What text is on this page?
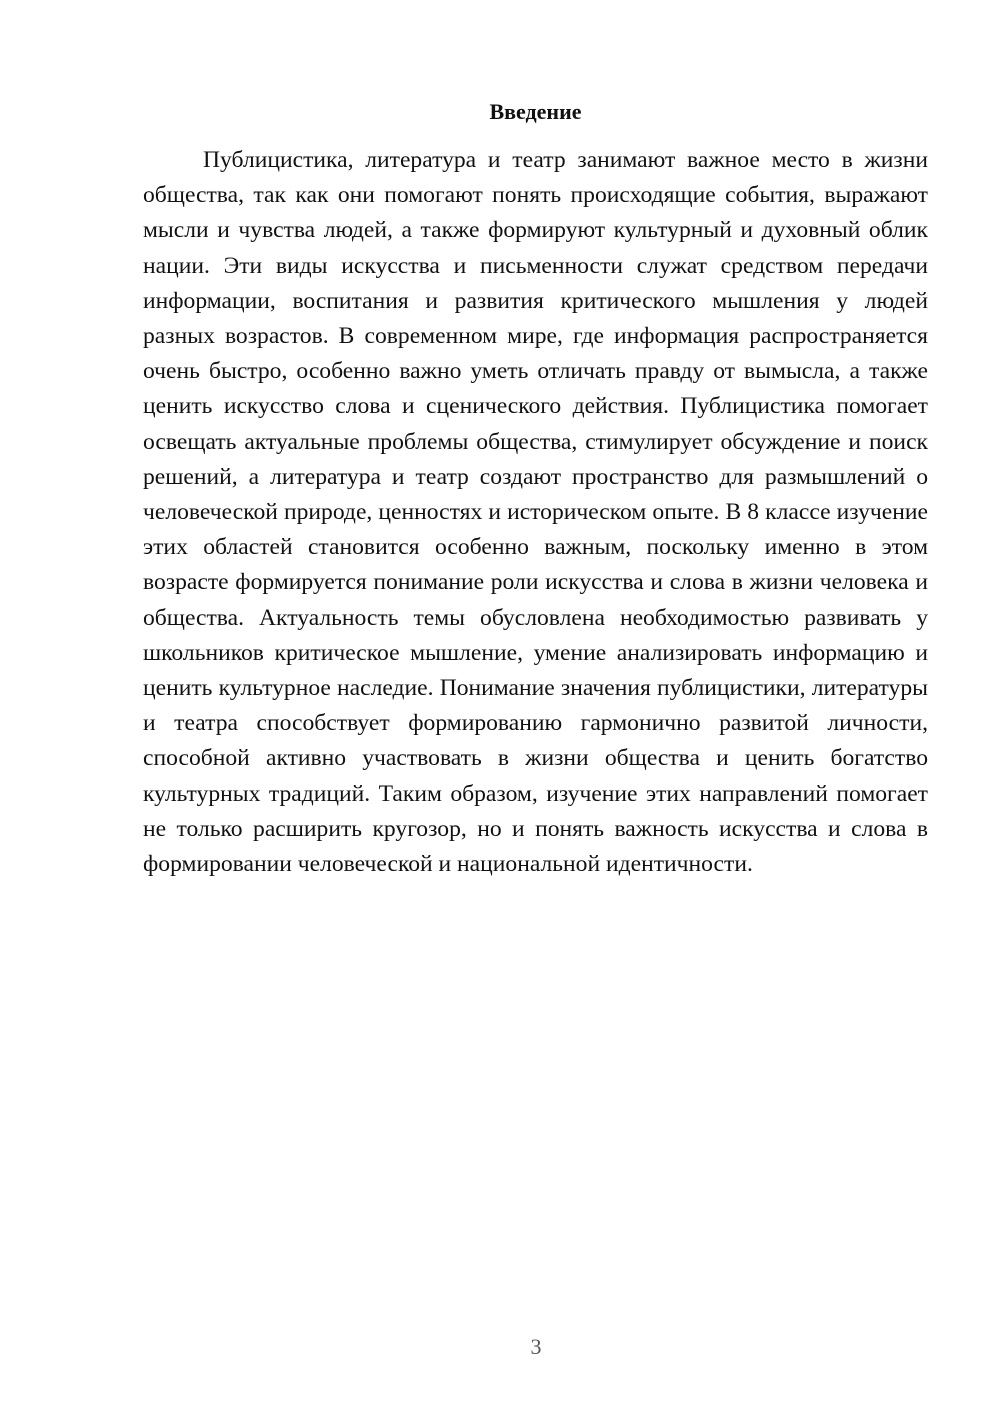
Введение

Публицистика, литература и театр занимают важное место в жизни общества, так как они помогают понять происходящие события, выражают мысли и чувства людей, а также формируют культурный и духовный облик нации. Эти виды искусства и письменности служат средством передачи информации, воспитания и развития критического мышления у людей разных возрастов. В современном мире, где информация распространяется очень быстро, особенно важно уметь отличать правду от вымысла, а также ценить искусство слова и сценического действия. Публицистика помогает освещать актуальные проблемы общества, стимулирует обсуждение и поиск решений, а литература и театр создают пространство для размышлений о человеческой природе, ценностях и историческом опыте. В 8 классе изучение этих областей становится особенно важным, поскольку именно в этом возрасте формируется понимание роли искусства и слова в жизни человека и общества. Актуальность темы обусловлена необходимостью развивать у школьников критическое мышление, умение анализировать информацию и ценить культурное наследие. Понимание значения публицистики, литературы и театра способствует формированию гармонично развитой личности, способной активно участвовать в жизни общества и ценить богатство культурных традиций. Таким образом, изучение этих направлений помогает не только расширить кругозор, но и понять важность искусства и слова в формировании человеческой и национальной идентичности.

3
